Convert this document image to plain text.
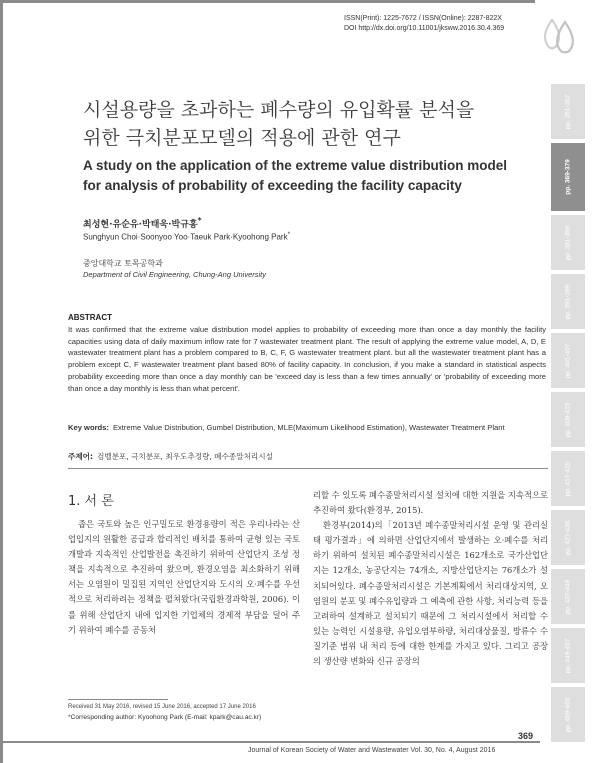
ISSN(Print): 1225-7672 / ISSN(Online): 2287-822X
DOI http://dx.doi.org/10.11001/jksww.2016.30.4.369
pp. 351-357
pp. 369-379
pp. 381-389
pp. 391-399
pp. 401-407
pp. 409-415
pp. 417-425
pp. 427-436
pp. 437-448
pp. 449-457
pp. 459-466
시설용량을 초과하는 폐수량의 유입확률 분석을
위한 극치분포모델의 적용에 관한 연구
A study on the application of the extreme value distribution model
for analysis of probability of exceeding the facility capacity
최성현·유순유·박태욱·박규홍*
Sunghyun Choi·Soonyoo Yoo·Taeuk Park·Kyoohong Park*
중앙대학교 토목공학과
Department of Civil Engineering, Chung-Ang University
ABSTRACT
It was confirmed that the extreme value distribution model applies to probability of exceeding more than once a day monthly the facility capacities using data of daily maximum inflow rate for 7 wastewater treatment plant. The result of applying the extreme value model, A, D, E wastewater treatment plant has a problem compared to B, C, F, G wastewater treatment plant. but all the wastewater treatment plant has a problem except C, F wastewater treatment plant based 80% of facility capacity. In conclusion, if you make a standard in statistical aspects probability exceeding more than once a day monthly can be 'exceed day is less than a few times annually' or 'probability of exceeding more than once a day monthly is less than what percent'.
Key words: Extreme Value Distribution, Gumbel Distribution, MLE(Maximum Likelihood Estimation), Wastewater Treatment Plant
주제어: 검벨분포, 극치분포, 최우도추정량, 폐수종말처리시설
1. 서 론

좁은 국토와 높은 인구밀도로 환경용량이 적은 우리나라는 산업입지의 원활한 공급과 합리적인 배치를 통하여 균형 있는 국토개발과 지속적인 산업발전을 촉진하기 위하여 산업단지 조성 정책을 지속적으로 추진하여 왔으며, 환경오염을 최소화하기 위해서는 오염원이 밀집된 지역인 산업단지와 도시의 오·폐수를 우선적으로 처리하려는 정책을 펼쳐왔다(국립환경과학원, 2006). 이를 위해 산업단지 내에 입지한 기업체의 경제적 부담을 덜어 주기 위하여 폐수를 공동처

리할 수 있도록 폐수종말처리시설 설치에 대한 지원을 지속적으로 추진하여 왔다(환경부, 2015).

환경부(2014)의「2013년 폐수종말처리시설 운영 및 관리실태 평가결과」에 의하면 산업단지에서 발생하는 오·폐수를 처리하기 위하여 설치된 폐수종말처리시설은 162개소로 국가산업단지는 12개소, 농공단지는 74개소, 지방산업단지는 76개소가 설치되어있다. 폐수종말처리시설은 기본계획에서 처리대상지역, 오염원의 분포 및 폐수유입량과 그 예측에 관한 사항, 처리능력 등을 고려하여 설계하고 설치되기 때문에 그 처리시설에서 처리할 수 있는 능력인 시설용량, 유입오염부하량, 처리대상물질, 방류수 수질기준 범위 내 처리 등에 대한 한계를 가지고 있다. 그리고 공장의 생산량 변화와 신규 공장의

Received 31 May 2016, revised 15 June 2016, accepted 17 June 2016
*Corresponding author: Kyoohong Park (E-mail: kpark@cau.ac.kr)
369
Journal of Korean Society of Water and Wastewater Vol. 30, No. 4, August 2016
